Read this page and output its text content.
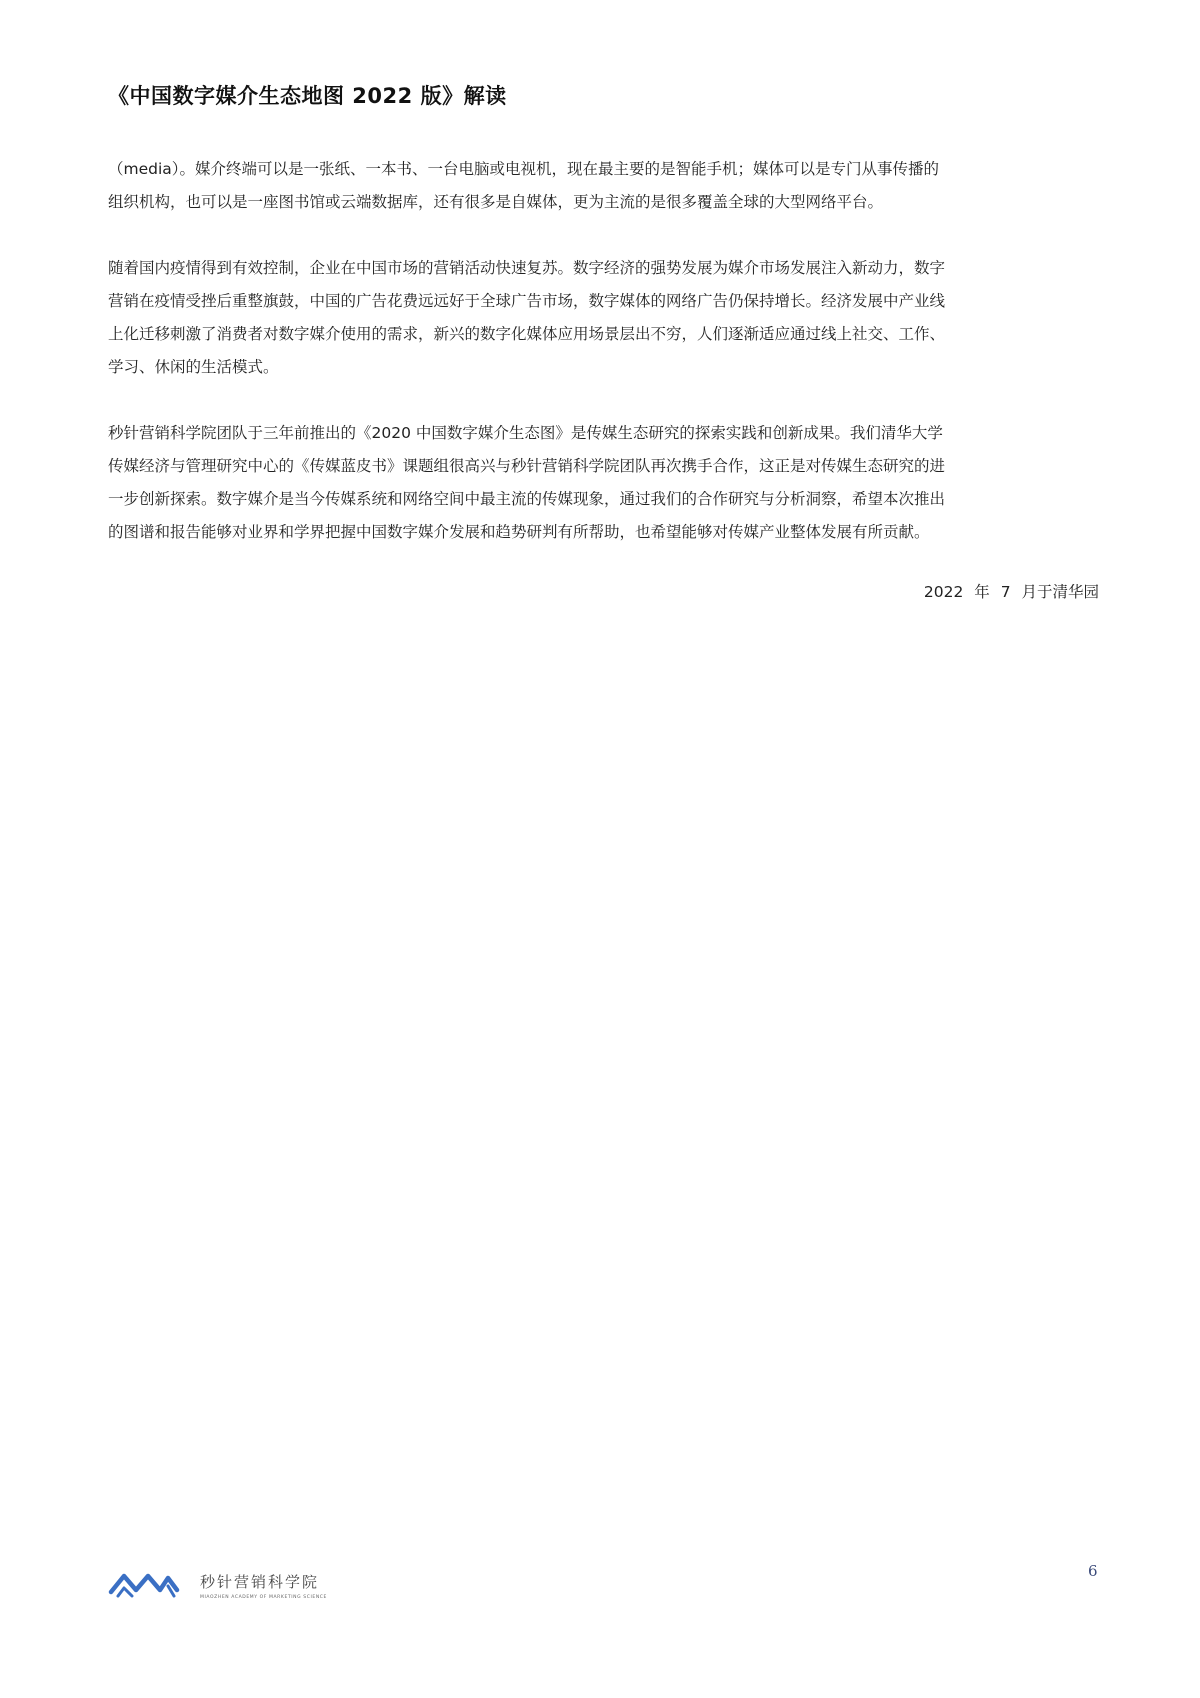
《中国数字媒介生态地图 2022 版》解读
（media）。媒介终端可以是一张纸、一本书、一台电脑或电视机，现在最主要的是智能手机；媒体可以是专门从事传播的
组织机构，也可以是一座图书馆或云端数据库，还有很多是自媒体，更为主流的是很多覆盖全球的大型网络平台。
随着国内疫情得到有效控制，企业在中国市场的营销活动快速复苏。数字经济的强势发展为媒介市场发展注入新动力，数字
营销在疫情受挫后重整旗鼓，中国的广告花费远远好于全球广告市场，数字媒体的网络广告仍保持增长。经济发展中产业线
上化迁移刺激了消费者对数字媒介使用的需求，新兴的数字化媒体应用场景层出不穷，人们逐渐适应通过线上社交、工作、
学习、休闲的生活模式。
秒针营销科学院团队于三年前推出的《2020 中国数字媒介生态图》是传媒生态研究的探索实践和创新成果。我们清华大学
传媒经济与管理研究中心的《传媒蓝皮书》课题组很高兴与秒针营销科学院团队再次携手合作，这正是对传媒生态研究的进
一步创新探索。数字媒介是当今传媒系统和网络空间中最主流的传媒现象，通过我们的合作研究与分析洞察，希望本次推出
的图谱和报告能够对业界和学界把握中国数字媒介发展和趋势研判有所帮助，也希望能够对传媒产业整体发展有所贡献。
2022 年 7 月于清华园
秒针营销科学院
MIAOZHEN ACADEMY OF MARKETING SCIENCE
6
